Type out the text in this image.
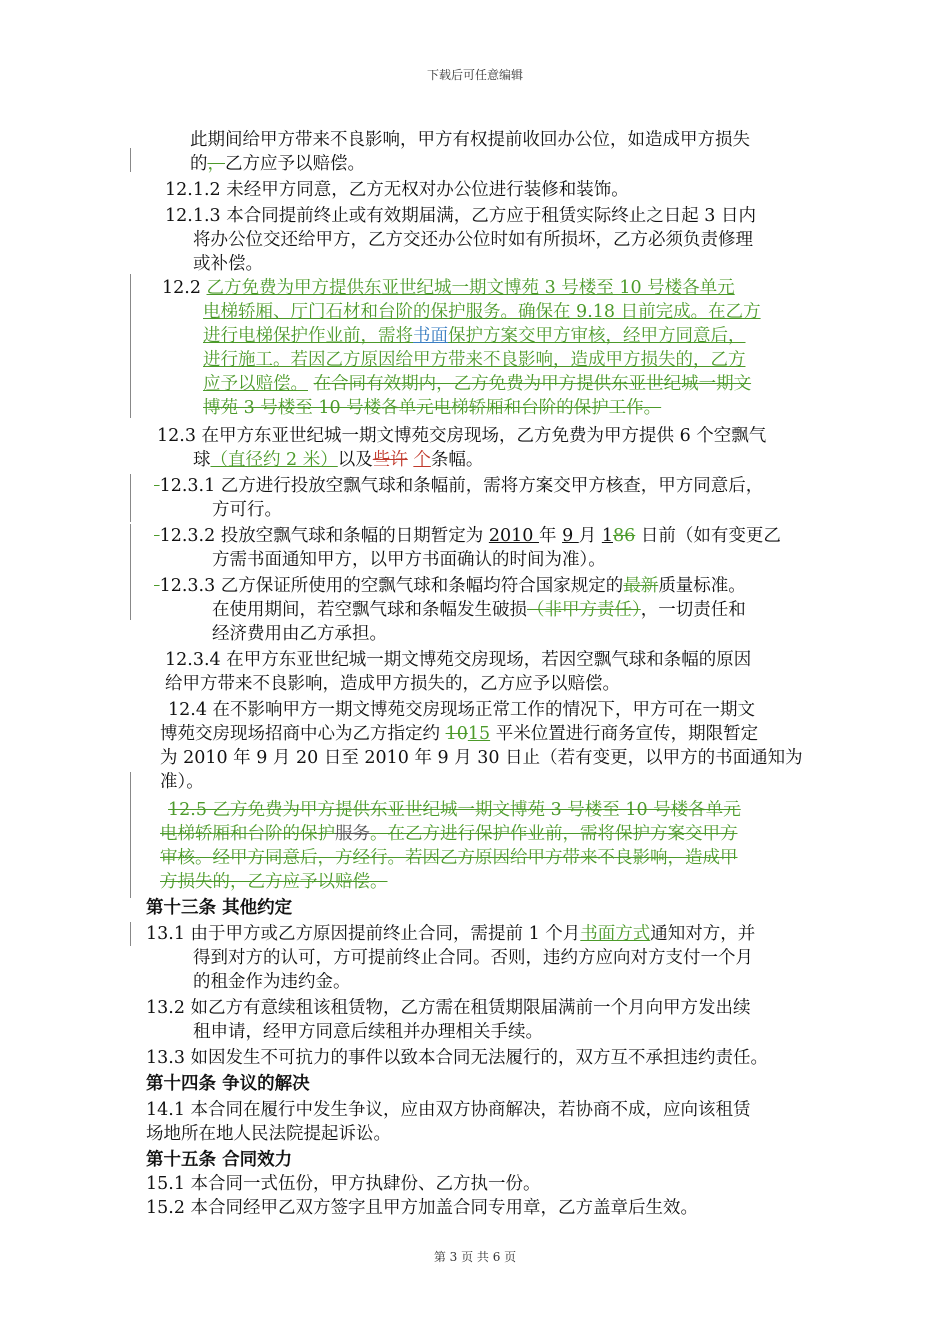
下载后可任意编辑
此期间给甲方带来不良影响，甲方有权提前收回办公位，如造成甲方损失
的，乙方应予以赔偿。
12.1.2 未经甲方同意，乙方无权对办公位进行装修和装饰。
12.1.3 本合同提前终止或有效期届满，乙方应于租赁实际终止之日起 3 日内
将办公位交还给甲方，乙方交还办公位时如有所损坏，乙方必须负责修理
或补偿。
12.2 乙方免费为甲方提供东亚世纪城一期文博苑 3 号楼至 10 号楼各单元
电梯轿厢、厅门石材和台阶的保护服务。确保在 9.18 日前完成。在乙方
进行电梯保护作业前，需将书面保护方案交甲方审核，经甲方同意后，
进行施工。若因乙方原因给甲方带来不良影响，造成甲方损失的，乙方
应予以赔偿。 在合同有效期内，乙方免费为甲方提供东亚世纪城一期文
博苑 3 号楼至 10 号楼各单元电梯轿厢和台阶的保护工作。
12.3 在甲方东亚世纪城一期文博苑交房现场，乙方免费为甲方提供 6 个空飘气
球（直径约 2 米）以及些许 个条幅。
12.3.1 乙方进行投放空飘气球和条幅前，需将方案交甲方核查，甲方同意后，
方可行。
12.3.2 投放空飘气球和条幅的日期暂定为 2010 年 9 月 186 日前（如有变更乙
方需书面通知甲方，以甲方书面确认的时间为准）。
12.3.3 乙方保证所使用的空飘气球和条幅均符合国家规定的最新质量标准。
在使用期间，若空飘气球和条幅发生破损（非甲方责任），一切责任和
经济费用由乙方承担。
12.3.4 在甲方东亚世纪城一期文博苑交房现场，若因空飘气球和条幅的原因
给甲方带来不良影响，造成甲方损失的，乙方应予以赔偿。
12.4 在不影响甲方一期文博苑交房现场正常工作的情况下，甲方可在一期文
博苑交房现场招商中心为乙方指定约 1015 平米位置进行商务宣传，期限暂定
为 2010 年 9 月 20 日至 2010 年 9 月 30 日止（若有变更，以甲方的书面通知为
准）。
12.5 乙方免费为甲方提供东亚世纪城一期文博苑 3 号楼至 10 号楼各单元
电梯轿厢和台阶的保护服务。在乙方进行保护作业前，需将保护方案交甲方
审核。经甲方同意后，方经行。若因乙方原因给甲方带来不良影响，造成甲
方损失的，乙方应予以赔偿。
第十三条 其他约定
13.1 由于甲方或乙方原因提前终止合同，需提前 1 个月书面方式通知对方，并
得到对方的认可，方可提前终止合同。否则，违约方应向对方支付一个月
的租金作为违约金。
13.2 如乙方有意续租该租赁物，乙方需在租赁期限届满前一个月向甲方发出续
租申请，经甲方同意后续租并办理相关手续。
13.3 如因发生不可抗力的事件以致本合同无法履行的，双方互不承担违约责任。
第十四条 争议的解决
14.1 本合同在履行中发生争议，应由双方协商解决，若协商不成，应向该租赁
场地所在地人民法院提起诉讼。
第十五条 合同效力
15.1 本合同一式伍份，甲方执肆份、乙方执一份。
15.2 本合同经甲乙双方签字且甲方加盖合同专用章，乙方盖章后生效。
第 3 页 共 6 页
